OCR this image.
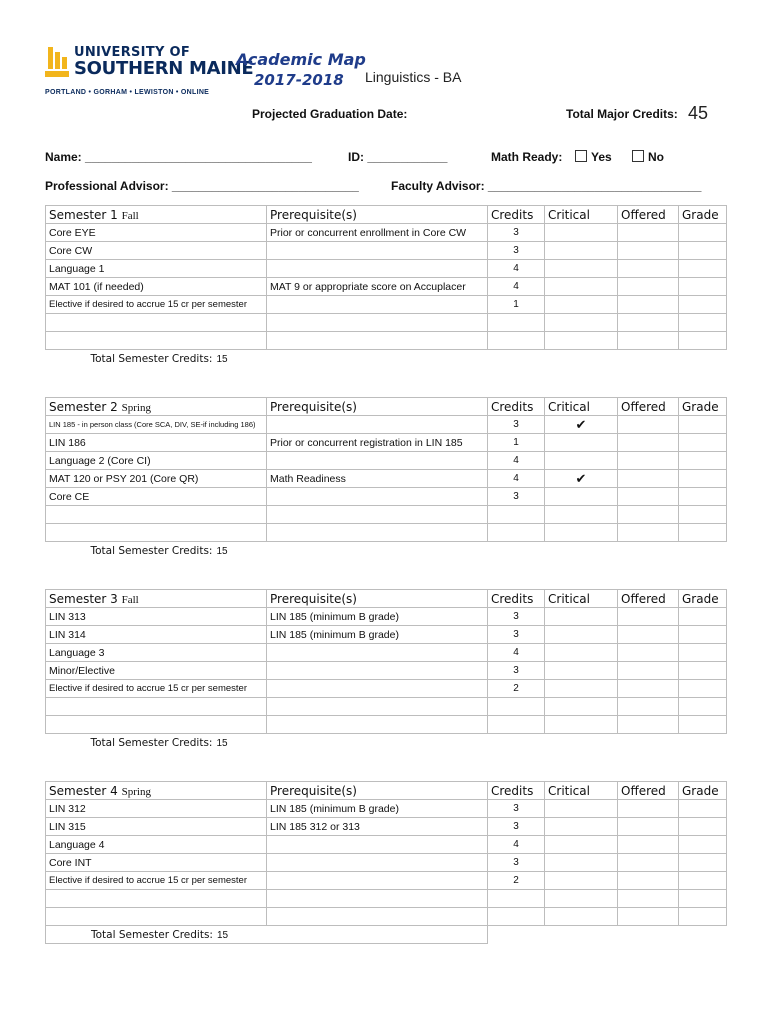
UNIVERSITY OF
SOUTHERN MAINE
PORTLAND • GORHAM • LEWISTON • ONLINE
Academic Map
2017-2018 Linguistics - BA
Projected Graduation Date:	Total Major Credits: 45
Name: __________________________________	ID: ____________	Math Ready:	Yes	No
Professional Advisor: ____________________________	Faculty Advisor: ________________________________
Semester 1 Fall	Prerequisite(s)	Credits	Critical	Offered	Grade
Core EYE	Prior or concurrent enrollment in Core CW	3			
Core CW		3			
Language 1		4			
MAT 101 (if needed)	MAT 9 or appropriate score on Accuplacer	4			
Elective if desired to accrue 15 cr per semester		1			

Total Semester Credits: 15					
Semester 2 Spring	Prerequisite(s)	Credits	Critical	Offered	Grade
LIN 185 - in person class (Core SCA, DIV, SE-if including 186)		3	✔		
LIN 186	Prior or concurrent registration in LIN 185	1			
Language 2 (Core CI)		4			
MAT 120 or PSY 201 (Core QR)	Math Readiness	4	✔		
Core CE		3			

Total Semester Credits: 15					
Semester 3 Fall	Prerequisite(s)	Credits	Critical	Offered	Grade
LIN 313	LIN 185 (minimum B grade)	3			
LIN 314	LIN 185 (minimum B grade)	3			
Language 3		4			
Minor/Elective		3			
Elective if desired to accrue 15 cr per semester		2			

Total Semester Credits: 15					
Semester 4 Spring	Prerequisite(s)	Credits	Critical	Offered	Grade
LIN 312	LIN 185 (minimum B grade)	3			
LIN 315	LIN 185 312 or 313	3			
Language 4		4			
Core INT		3			
Elective if desired to accrue 15 cr per semester		2			

Total Semester Credits: 15					
